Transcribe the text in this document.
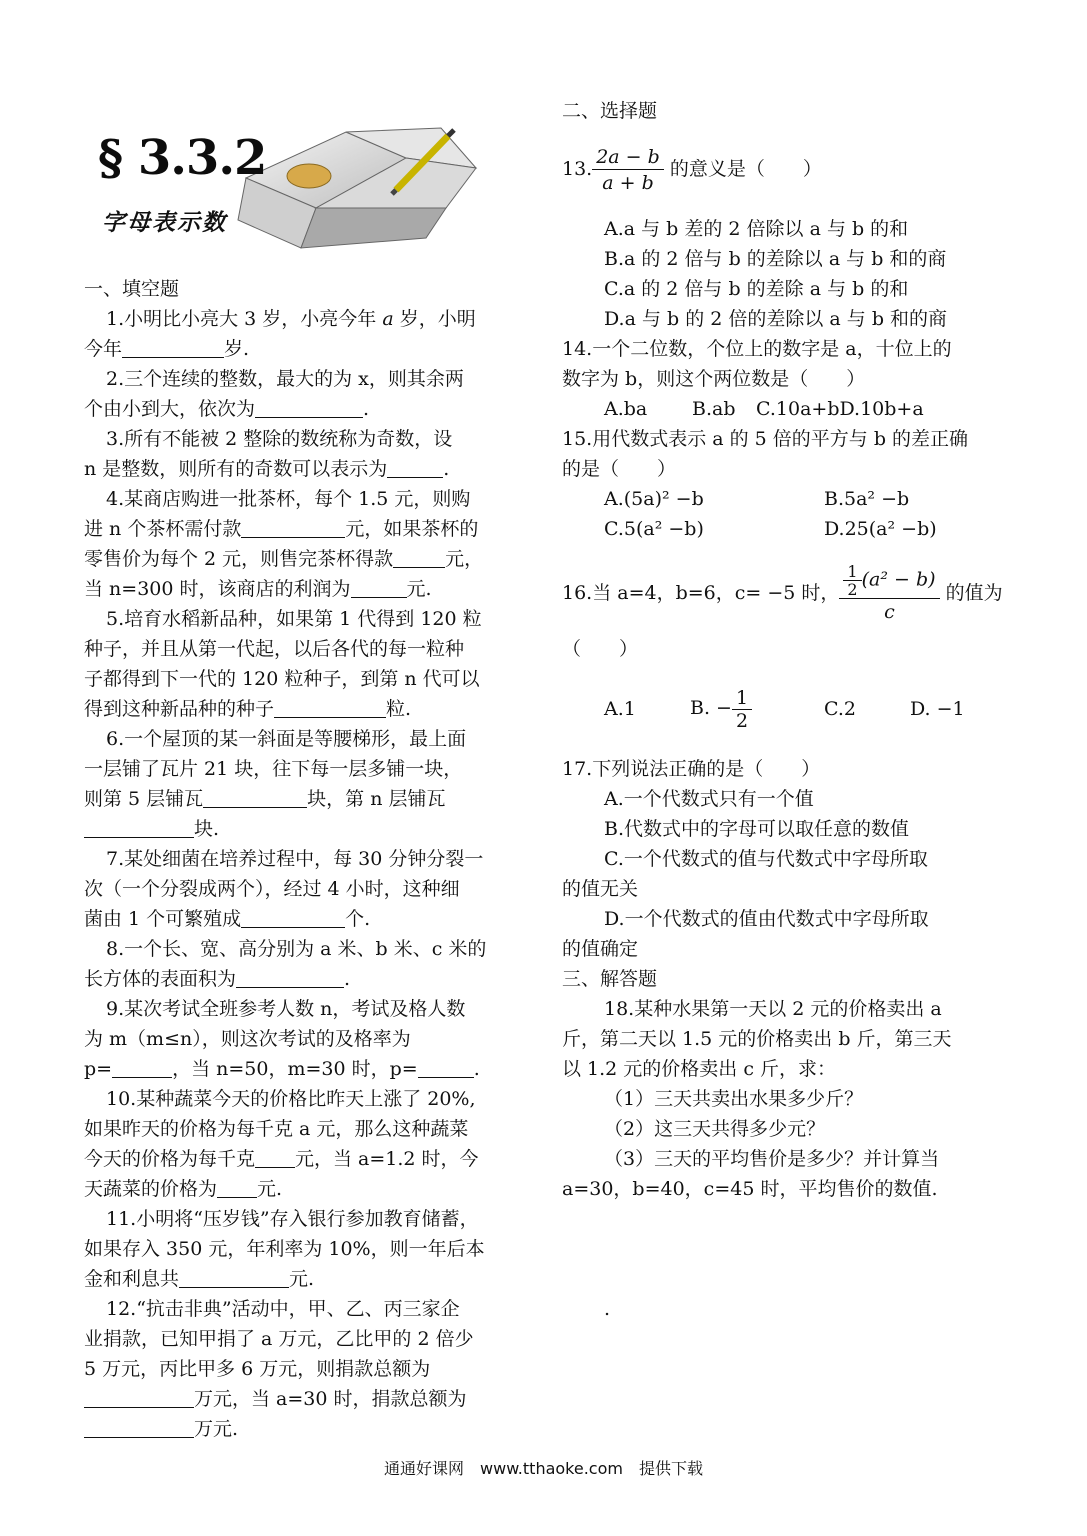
§ 3.3.2
字母表示数
一、填空题
1.小明比小亮大 3 岁，小亮今年 a 岁，小明
今年	岁.
2.三个连续的整数，最大的为 x，则其余两
个由小到大，依次为	.
3.所有不能被 2 整除的数统称为奇数，设
n 是整数，则所有的奇数可以表示为	.
4.某商店购进一批茶杯，每个 1.5 元，则购
进 n 个茶杯需付款	元，如果茶杯的
零售价为每个 2 元，则售完茶杯得款	元，
当 n=300 时，该商店的利润为	元.
5.培育水稻新品种，如果第 1 代得到 120 粒
种子，并且从第一代起，以后各代的每一粒种
子都得到下一代的 120 粒种子，到第 n 代可以
得到这种新品种的种子	粒.
6.一个屋顶的某一斜面是等腰梯形，最上面
一层铺了瓦片 21 块，往下每一层多铺一块，
则第 5 层铺瓦	块，第 n 层铺瓦
块.
7.某处细菌在培养过程中，每 30 分钟分裂一
次（一个分裂成两个），经过 4 小时，这种细
菌由 1 个可繁殖成	个.
8.一个长、宽、高分别为 a 米、b 米、c 米的
长方体的表面积为	.
9.某次考试全班参考人数 n，考试及格人数
为 m（m≤n），则这次考试的及格率为
p=	，当 n=50，m=30 时，p=	.
10.某种蔬菜今天的价格比昨天上涨了 20%,
如果昨天的价格为每千克 a 元，那么这种蔬菜
今天的价格为每千克 元，当 a=1.2 时，今
天蔬菜的价格为 元.
11.小明将“压岁钱”存入银行参加教育储蓄，
如果存入 350 元，年利率为 10%，则一年后本
金和利息共	元.
12.“抗击非典”活动中，甲、乙、丙三家企
业捐款，已知甲捐了 a 万元，乙比甲的 2 倍少
5 万元，丙比甲多 6 万元，则捐款总额为
万元，当 a=30 时，捐款总额为
万元.
二、选择题
13. $\frac{2a - b}{a + b}$ 的意义是（　　）
A.a 与 b 差的 2 倍除以 a 与 b 的和
B.a 的 2 倍与 b 的差除以 a 与 b 和的商
C.a 的 2 倍与 b 的差除 a 与 b 的和
D.a 与 b 的 2 倍的差除以 a 与 b 和的商
14.一个二位数，个位上的数字是 a，十位上的
数字为 b，则这个两位数是（　　）
A.ba B.ab C.10a+bD.10b+a
15.用代数式表示 a 的 5 倍的平方与 b 的差正确
的是（　　）
A.(5a)² −b	B.5a² −b
C.5(a² −b)	D.25(a² −b)
16.当 a=4，b=6，c= −5 时， $\frac{\frac{1}{2} (a^2 - b)}{c}$ 的值为
（　　）
A.1	B. − $\frac{1}{2}$	C.2	D. −1
17.下列说法正确的是（　　）
A.一个代数式只有一个值
B.代数式中的字母可以取任意的数值
C.一个代数式的值与代数式中字母所取
的值无关
D.一个代数式的值由代数式中字母所取
的值确定
三、解答题
18.某种水果第一天以 2 元的价格卖出 a
斤，第二天以 1.5 元的价格卖出 b 斤，第三天
以 1.2 元的价格卖出 c 斤，求：
（1）三天共卖出水果多少斤？
（2）这三天共得多少元？
（3）三天的平均售价是多少？并计算当
a=30，b=40，c=45 时，平均售价的数值.
.
通通好课网　www.tthaoke.com　提供下载
